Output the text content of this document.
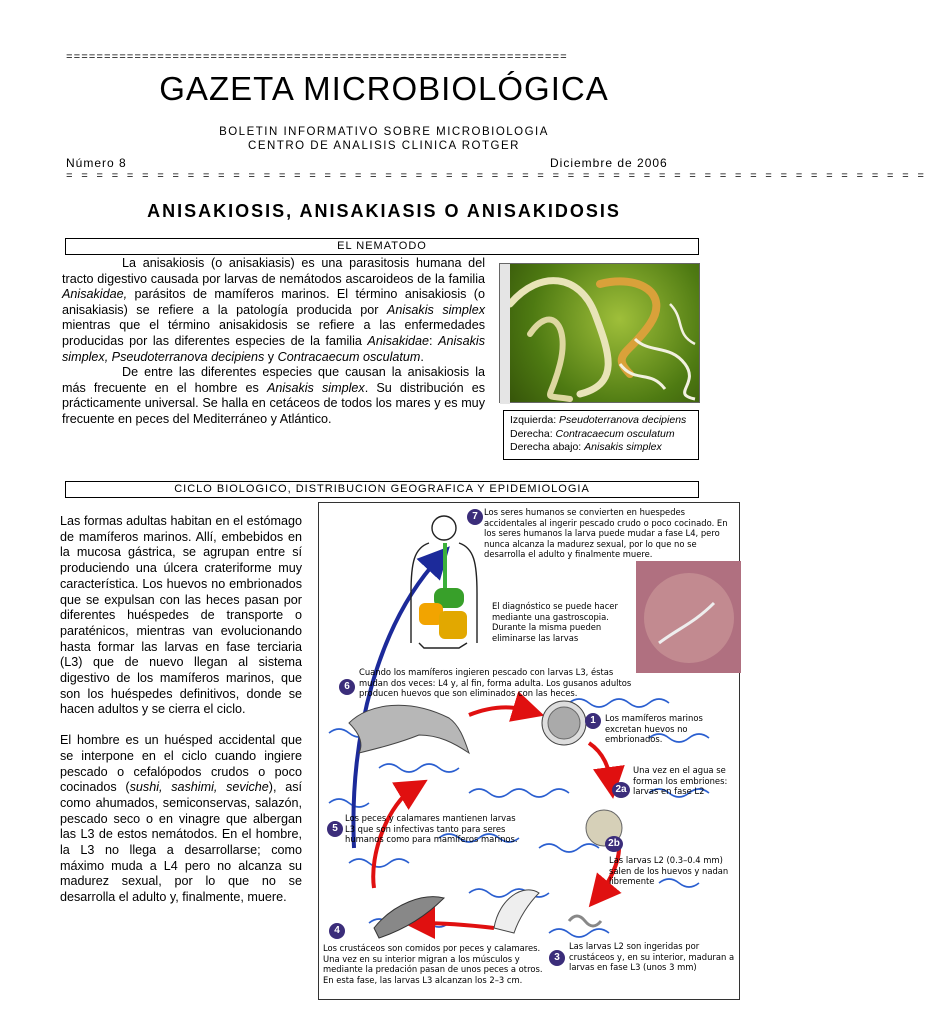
==================================================================
GAZETA MICROBIOLÓGICA
BOLETIN INFORMATIVO SOBRE MICROBIOLOGIA
CENTRO DE ANALISIS CLINICA ROTGER
Número 8	Diciembre de 2006
= = = = = = = = = = = = = = = = = = = = = = = = = = = = = = = = = = = = = = = = = = = = = = = = = = = = = = = = =
ANISAKIOSIS, ANISAKIASIS O ANISAKIDOSIS
EL NEMATODO

La anisakiosis (o anisakiasis) es una parasitosis humana del tracto digestivo causada por larvas de nemátodos ascaroideos de la familia Anisakidae, parásitos de mamíferos marinos. El término anisakiosis (o anisakiasis) se refiere a la patología producida por Anisakis simplex mientras que el término anisakidosis se refiere a las enfermedades producidas por las diferentes especies de la familia Anisakidae: Anisakis simplex, Pseudoterranova decipiens y Contracaecum osculatum.

De entre las diferentes especies que causan la anisakiosis la más frecuente en el hombre es Anisakis simplex. Su distribución es prácticamente universal. Se halla en cetáceos de todos los mares y es muy frecuente en peces del Mediterráneo y Atlántico.	Izquierda: Pseudoterranova decipiens
Derecha: Contracaecum osculatum
Derecha abajo: Anisakis simplex
CICLO BIOLOGICO, DISTRIBUCION GEOGRAFICA Y EPIDEMIOLOGIA

Las formas adultas habitan en el estómago de mamíferos marinos. Allí, embebidos en la mucosa gástrica, se agrupan entre sí produciendo una úlcera crateriforme muy característica. Los huevos no embrionados que se expulsan con las heces pasan por diferentes huéspedes de transporte o paraténicos, mientras van evolucionando hasta formar las larvas en fase terciaria (L3) que de nuevo llegan al sistema digestivo de los mamíferos marinos, que son los huéspedes definitivos, donde se hacen adultos y se cierra el ciclo.

El hombre es un huésped accidental que se interpone en el ciclo cuando ingiere pescado o cefalópodos crudos o poco cocinados (sushi, sashimi, seviche), así como ahumados, semiconservas, salazón, pescado seco o en vinagre que albergan las L3 de estos nemátodos. En el hombre, la L3 no llega a desarrollarse; como máximo muda a L4 pero no alcanza su madurez sexual, por lo que no se desarrolla el adulto y, finalmente, muere.

7 Los seres humanos se convierten en huespedes accidentales al ingerir pescado crudo o poco cocinado. En los seres humanos la larva puede mudar a fase L4, pero nunca alcanza la madurez sexual, por lo que no se desarrolla el adulto y finalmente muere.
El diagnóstico se puede hacer mediante una gastroscopia. Durante la misma pueden eliminarse las larvas
6
Cuando los mamíferos ingieren pescado con larvas L3, éstas mudan dos veces: L4 y, al fin, forma adulta. Los gusanos adultos producen huevos que son eliminados con las heces.
1	Los mamíferos marinos excretan huevos no embrionados.
Una vez en el agua se forman los embriones: larvas en fase L2
2a
2b
Las larvas L2 (0.3–0.4 mm) salen de los huevos y nadan libremente
5
Los peces y calamares mantienen larvas L3 que son infectivas tanto para seres humanos como para mamíferos marinos.
4
Los crustáceos son comidos por peces y calamares. Una vez en su interior migran a los músculos y mediante la predación pasan de unos peces a otros. En esta fase, las larvas L3 alcanzan los 2–3 cm.
Las larvas L2 son ingeridas por crustáceos y, en su interior, maduran a larvas en fase L3 (unos 3 mm)
3
